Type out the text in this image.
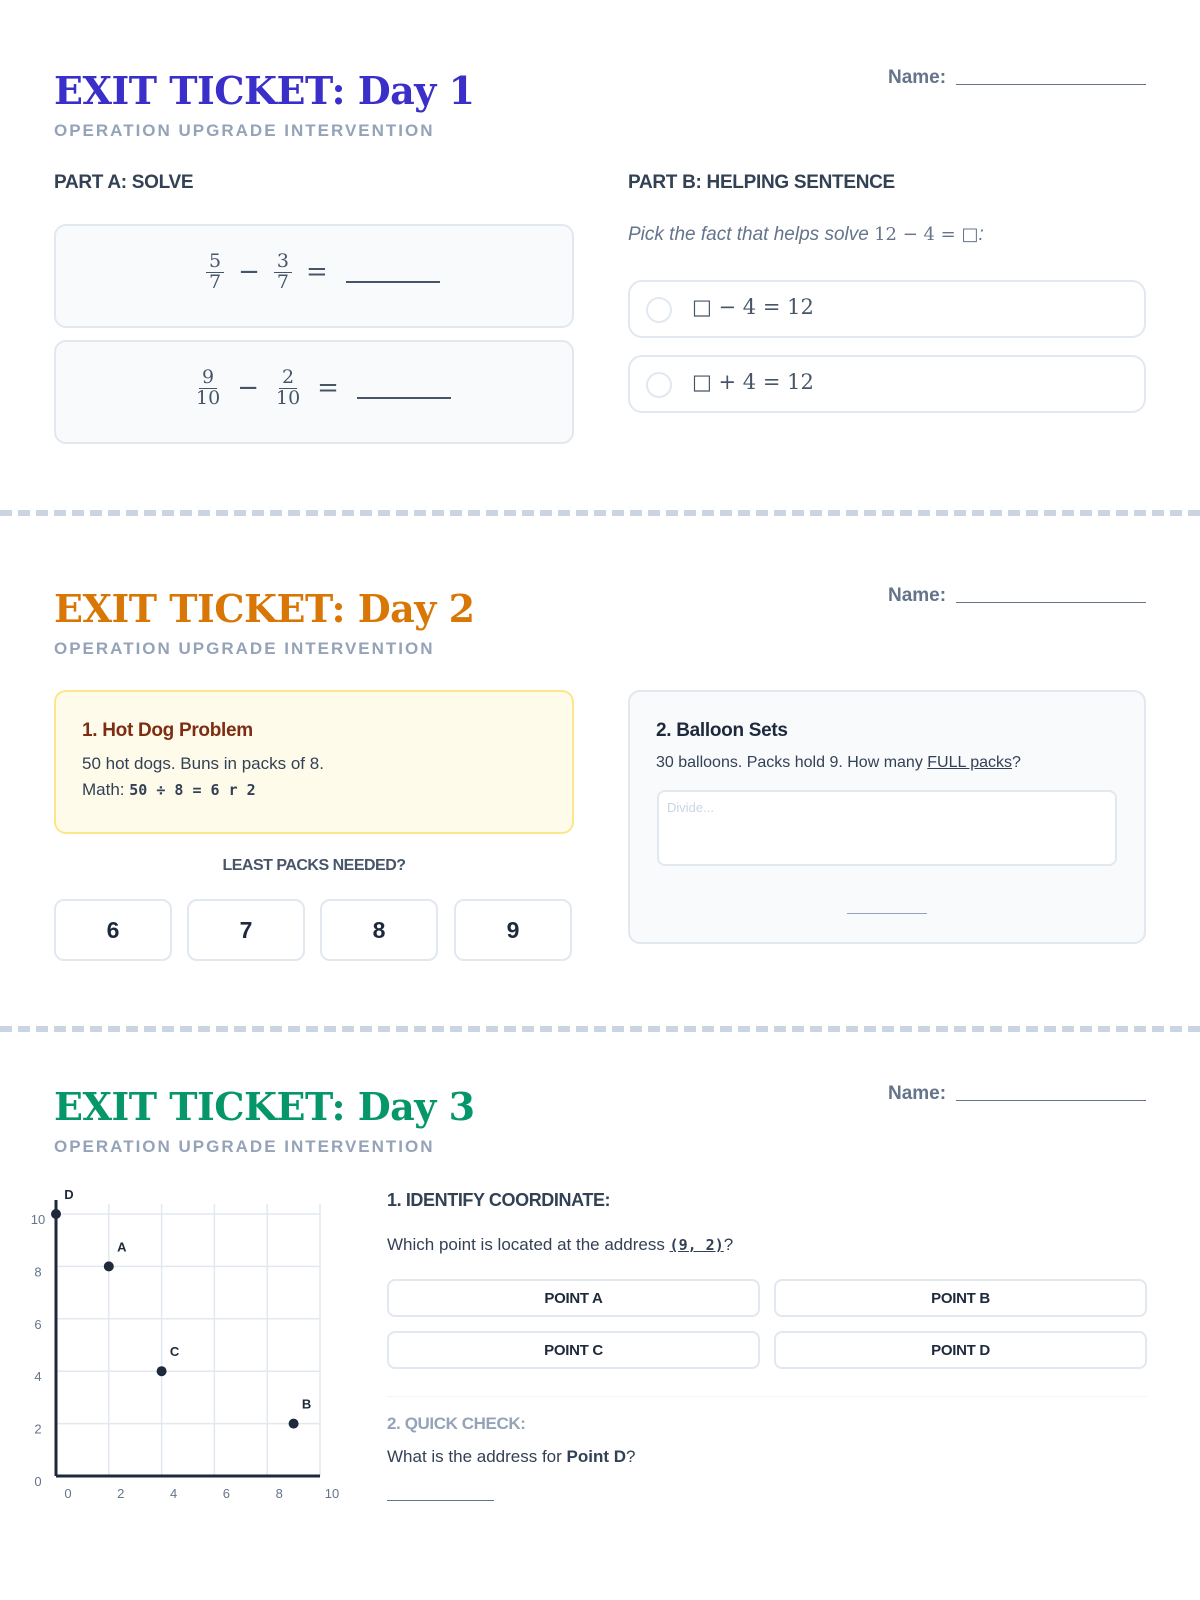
EXIT TICKET: Day 1
OPERATION UPGRADE INTERVENTION
Name:
PART A: SOLVE	PART B: HELPING SENTENCE
$\frac{5}{7} - \frac{3}{7}$ =
$\frac{9}{10} - \frac{2}{10}$ =
Pick the fact that helps solve 12 − 4 = □:
□ − 4 = 12
□ + 4 = 12
EXIT TICKET: Day 2
OPERATION UPGRADE INTERVENTION
Name:
1. Hot Dog Problem
50 hot dogs. Buns in packs of 8.
Math: 50 ÷ 8 = 6 r 2
LEAST PACKS NEEDED?
6	7	8	9
2. Balloon Sets
30 balloons. Packs hold 9. How many FULL packs?
Divide...
EXIT TICKET: Day 3
OPERATION UPGRADE INTERVENTION
Name:
0	2	4	6	8	10
0
2
4
6
8
10
A
B
C
D	1. IDENTIFY COORDINATE:
Which point is located at the address (9, 2)?
POINT A	POINT B
POINT C	POINT D
2. QUICK CHECK:
What is the address for Point D?
